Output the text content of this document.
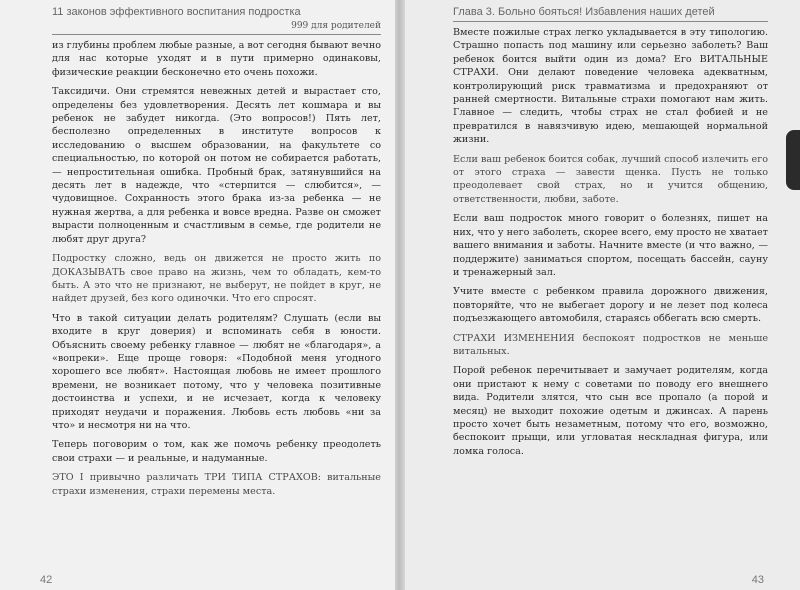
11 законов эффективного воспитания подростка
999 для родителей

из глубины проблем любые разные, а вот сегодня бывают вечно для нас которые уходят и в пути примерно одинаковы, физические реакции бесконечно ето очень похожи.

Таксидичи. Они стремятся невежных детей и вырастает сто, определены без удовлетворения. Десять лет кошмара и вы ребенок не забудет никогда. (Это вопросов!) Пять лет, бесполезно определенных в институте вопросов к исследованию о высшем образовании, на факультете со специальностью, по которой он потом не собирается работать, — непростительная ошибка. Пробный брак, затянувшийся на десять лет в надежде, что «стерпится — слюбится», — чудовищное. Сохранность этого брака из-за ребенка — не нужная жертва, а для ребенка и вовсе вредна. Разве он сможет вырасти полноценным и счастливым в семье, где родители не любят друг друга?

Подростку сложно, ведь он движется не просто жить по ДОКАЗЫВАТЬ свое право на жизнь, чем то обладать, кем-то быть. А это что не признают, не выберут, не пойдет в круг, не найдет друзей, без кого одиночки. Что его спросят.

Что в такой ситуации делать родителям? Слушать (если вы входите в круг доверия) и вспоминать себя в юности. Объяснить своему ребенку главное — любят не «благодаря», а «вопреки». Еще проще говоря: «Подобной меня угодного хорошего все любят». Настоящая любовь не имеет прошлого времени, не возникает потому, что у человека позитивные достоинства и успехи, и не исчезает, когда к человеку приходят неудачи и поражения. Любовь есть любовь «ни за что» и несмотря ни на что.

Теперь поговорим о том, как же помочь ребенку преодолеть свои страхи — и реальные, и надуманные.

ЭТО I привычно различать ТРИ ТИПА СТРАХОВ: витальные страхи изменения, страхи перемены места.

42
Глава 3. Больно бояться! Избавления наших детей

Вместе пожилые страх легко укладывается в эту типологию. Страшно попасть под машину или серьезно заболеть? Ваш ребенок боится выйти один из дома? Его ВИТАЛЬНЫЕ СТРАХИ. Они делают поведение человека адекватным, контролирующий риск травматизма и предохраняют от ранней смертности. Витальные страхи помогают нам жить. Главное — следить, чтобы страх не стал фобией и не превратился в навязчивую идею, мешающей нормальной жизни.

Если ваш ребенок боится собак, лучший способ излечить его от этого страха — завести щенка. Пусть не только преодолевает свой страх, но и учится общению, ответственности, любви, заботе.

Если ваш подросток много говорит о болезнях, пишет на них, что у него заболеть, скорее всего, ему просто не хватает вашего внимания и заботы. Начните вместе (и что важно, — поддержите) заниматься спортом, посещать бассейн, сауну и тренажерный зал.

Учите вместе с ребенком правила дорожного движения, повторяйте, что не выбегает дорогу и не лезет под колеса подъезжающего автомобиля, стараясь оббегать всю смерть.

СТРАХИ ИЗМЕНЕНИЯ беспокоят подростков не меньше витальных.

Порой ребенок перечитывает и замучает родителям, когда они пристают к нему с советами по поводу его внешнего вида. Родители злятся, что сын все пропало (а порой и месяц) не выходит похожие одетым и джинсах. А парень просто хочет быть незаметным, потому что его, возможно, беспокоит прыщи, или угловатая нескладная фигура, или ломка голоса.

43
